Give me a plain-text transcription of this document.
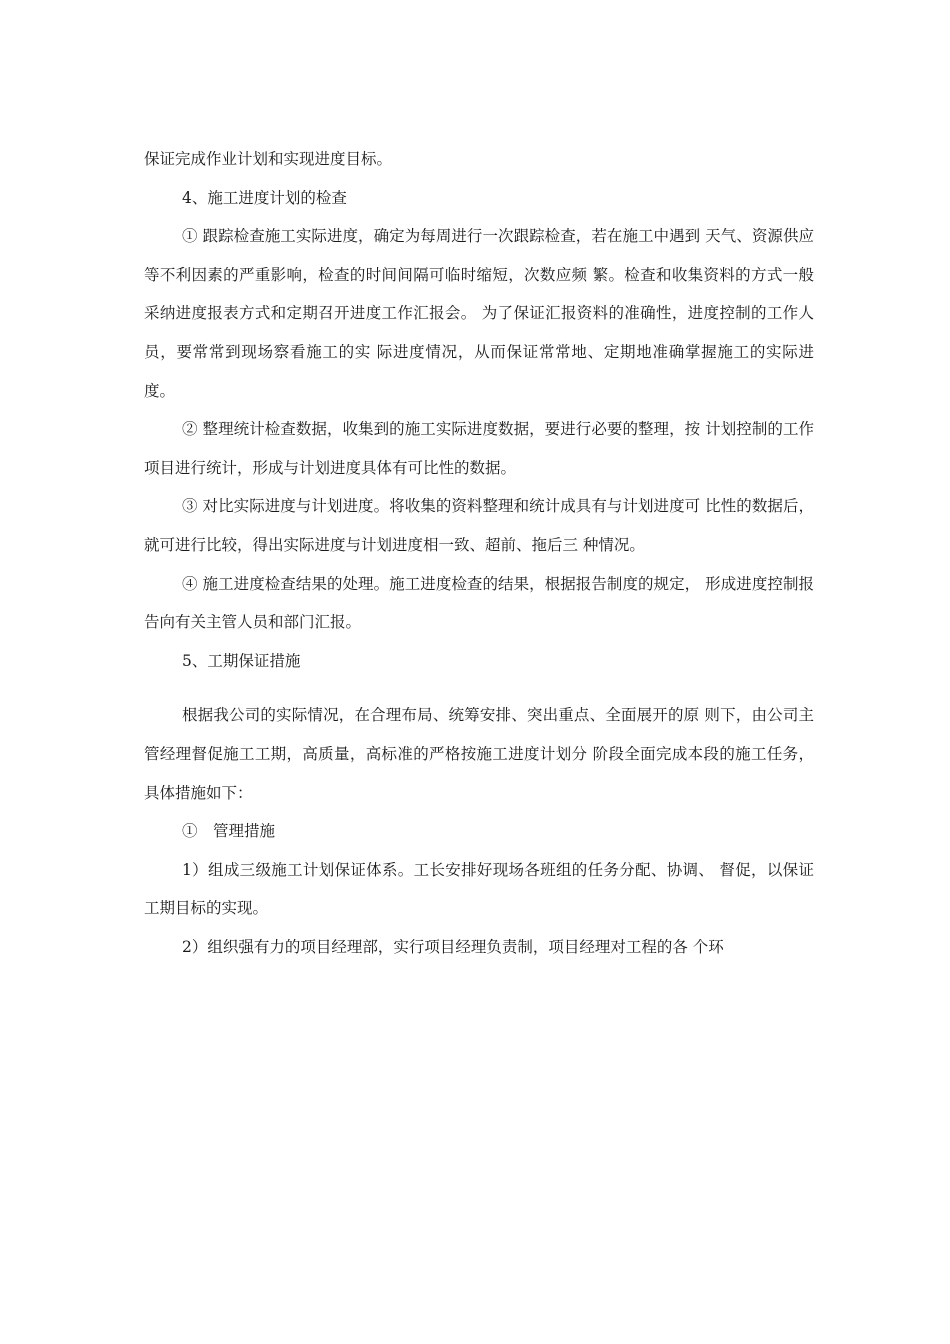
保证完成作业计划和实现进度目标。

4、施工进度计划的检查

① 跟踪检查施工实际进度，确定为每周进行一次跟踪检查，若在施工中遇到 天气、资源供应等不利因素的严重影响，检查的时间间隔可临时缩短，次数应频 繁。检查和收集资料的方式一般采纳进度报表方式和定期召开进度工作汇报会。 为了保证汇报资料的准确性，进度控制的工作人员，要常常到现场察看施工的实 际进度情况，从而保证常常地、定期地准确掌握施工的实际进度。

② 整理统计检查数据，收集到的施工实际进度数据，要进行必要的整理，按 计划控制的工作项目进行统计，形成与计划进度具体有可比性的数据。

③ 对比实际进度与计划进度。将收集的资料整理和统计成具有与计划进度可 比性的数据后，就可进行比较，得出实际进度与计划进度相一致、超前、拖后三 种情况。

④ 施工进度检查结果的处理。施工进度检查的结果，根据报告制度的规定， 形成进度控制报告向有关主管人员和部门汇报。

5、工期保证措施

根据我公司的实际情况，在合理布局、统筹安排、突出重点、全面展开的原 则下，由公司主管经理督促施工工期，高质量，高标准的严格按施工进度计划分 阶段全面完成本段的施工任务，具体措施如下：

①　管理措施

1）组成三级施工计划保证体系。工长安排好现场各班组的任务分配、协调、 督促，以保证工期目标的实现。

2）组织强有力的项目经理部，实行项目经理负责制，项目经理对工程的各 个环
